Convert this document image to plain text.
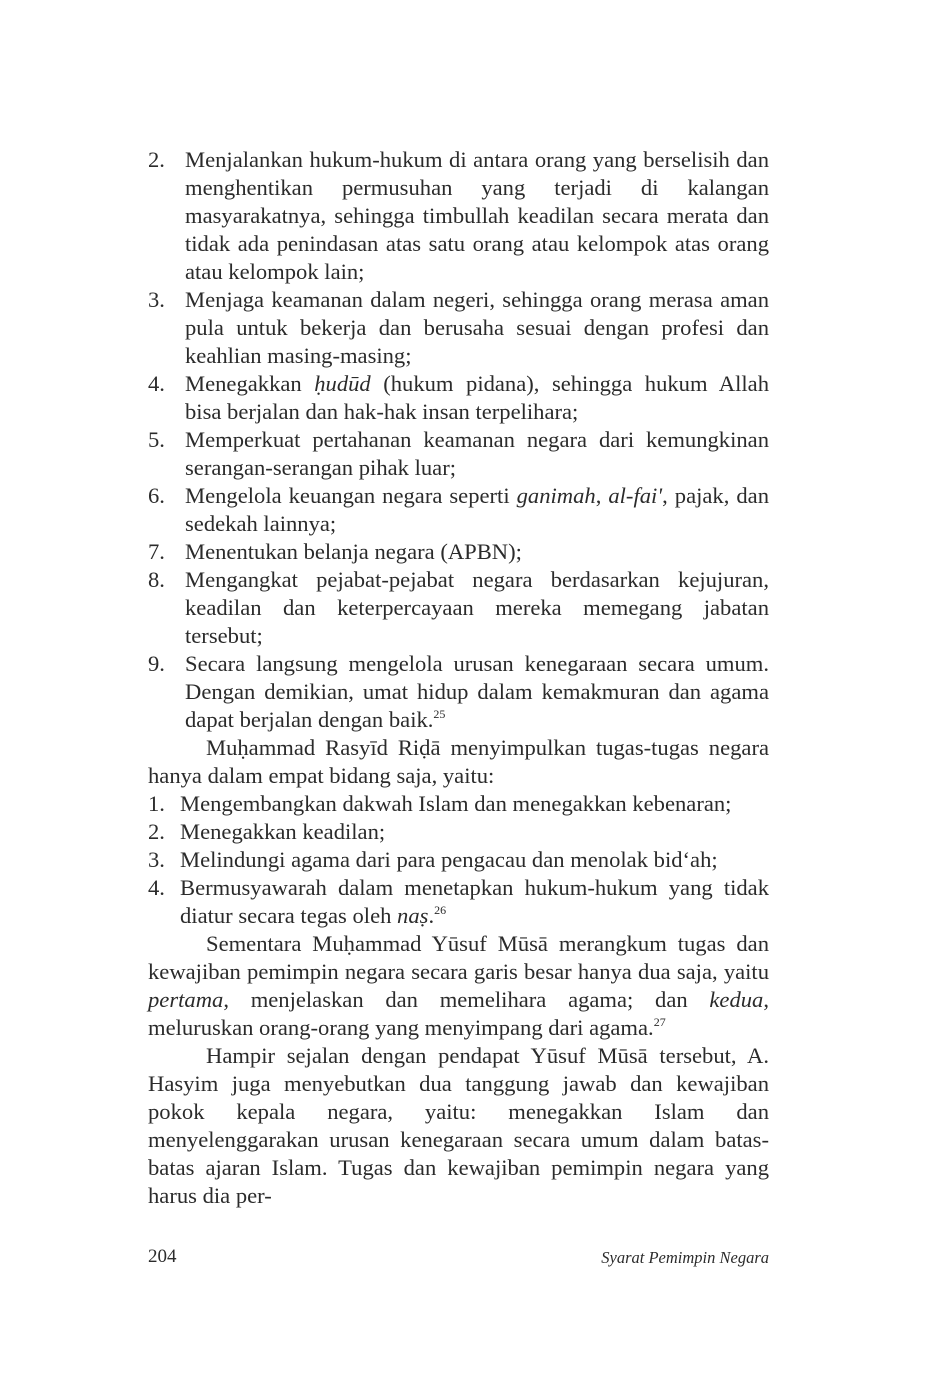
2. Menjalankan hukum-hukum di antara orang yang berselisih dan menghentikan permusuhan yang terjadi di kalangan masyarakatnya, sehingga timbullah keadilan secara merata dan tidak ada penindasan atas satu orang atau kelompok atas orang atau kelompok lain;
3. Menjaga keamanan dalam negeri, sehingga orang merasa aman pula untuk bekerja dan berusaha sesuai dengan profesi dan keahlian masing-masing;
4. Menegakkan ḥudūd (hukum pidana), sehingga hukum Allah bisa berjalan dan hak-hak insan terpelihara;
5. Memperkuat pertahanan keamanan negara dari kemungkinan serangan-serangan pihak luar;
6. Mengelola keuangan negara seperti ganimah, al-fai', pajak, dan sedekah lainnya;
7. Menentukan belanja negara (APBN);
8. Mengangkat pejabat-pejabat negara berdasarkan kejujuran, keadilan dan keterpercayaan mereka memegang jabatan tersebut;
9. Secara langsung mengelola urusan kenegaraan secara umum. Dengan demikian, umat hidup dalam kemakmuran dan agama dapat berjalan dengan baik.$^{25}$

Muḥammad Rasyīd Riḍā menyimpulkan tugas-tugas negara hanya dalam empat bidang saja, yaitu:

1. Mengembangkan dakwah Islam dan menegakkan kebenaran;
2. Menegakkan keadilan;
3. Melindungi agama dari para pengacau dan menolak bid‘ah;
4. Bermusyawarah dalam menetapkan hukum-hukum yang tidak diatur secara tegas oleh naṣ.$^{26}$

Sementara Muḥammad Yūsuf Mūsā merangkum tugas dan kewajiban pemimpin negara secara garis besar hanya dua saja, yaitu pertama, menjelaskan dan memelihara agama; dan kedua, meluruskan orang-orang yang menyimpang dari agama.$^{27}$

Hampir sejalan dengan pendapat Yūsuf Mūsā tersebut, A. Hasyim juga menyebutkan dua tanggung jawab dan kewajiban pokok kepala negara, yaitu: menegakkan Islam dan menyelenggarakan urusan kenegaraan secara umum dalam batas-batas ajaran Islam. Tugas dan kewajiban pemimpin negara yang harus dia per-

204	Syarat Pemimpin Negara
